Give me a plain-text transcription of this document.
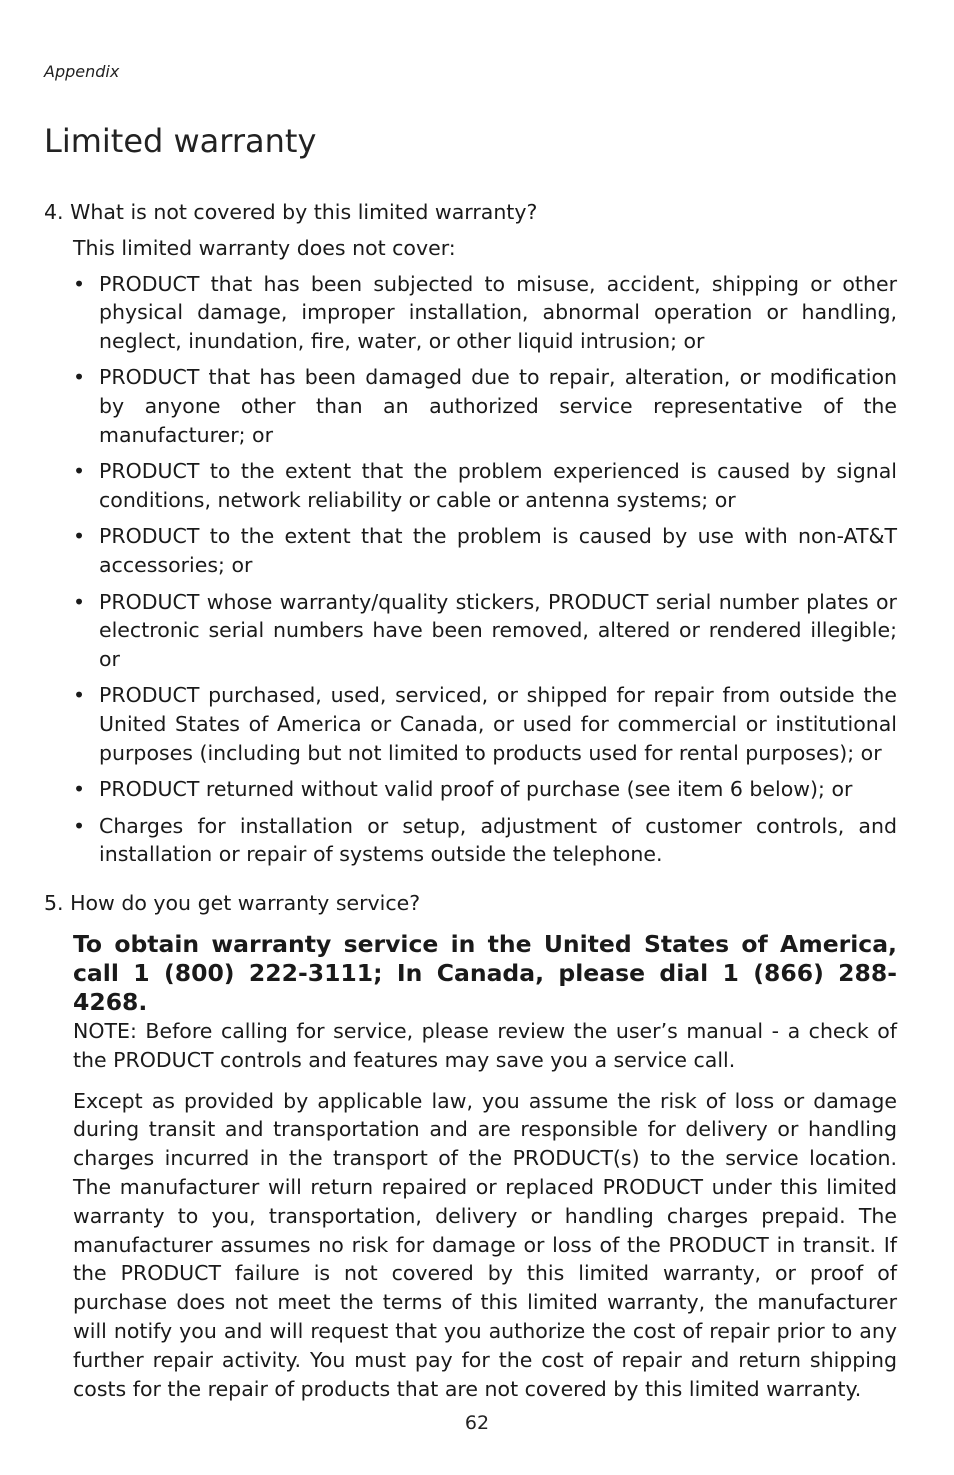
Appendix
Limited warranty

4. What is not covered by this limited warranty?

This limited warranty does not cover:

• PRODUCT that has been subjected to misuse, accident, shipping or other physical damage, improper installation, abnormal operation or handling, neglect, inundation, fire, water, or other liquid intrusion; or
• PRODUCT that has been damaged due to repair, alteration, or modification by anyone other than an authorized service representative of the manufacturer; or
• PRODUCT to the extent that the problem experienced is caused by signal conditions, network reliability or cable or antenna systems; or
• PRODUCT to the extent that the problem is caused by use with non-AT&T accessories; or
• PRODUCT whose warranty/quality stickers, PRODUCT serial number plates or electronic serial numbers have been removed, altered or rendered illegible; or
• PRODUCT purchased, used, serviced, or shipped for repair from outside the United States of America or Canada, or used for commercial or institutional purposes (including but not limited to products used for rental purposes); or
• PRODUCT returned without valid proof of purchase (see item 6 below); or
• Charges for installation or setup, adjustment of customer controls, and installation or repair of systems outside the telephone.

5. How do you get warranty service?

To obtain warranty service in the United States of America, call 1 (800) 222-3111; In Canada, please dial 1 (866) 288-4268.

NOTE: Before calling for service, please review the user’s manual - a check of the PRODUCT controls and features may save you a service call.

Except as provided by applicable law, you assume the risk of loss or damage during transit and transportation and are responsible for delivery or handling charges incurred in the transport of the PRODUCT(s) to the service location. The manufacturer will return repaired or replaced PRODUCT under this limited warranty to you, transportation, delivery or handling charges prepaid. The manufacturer assumes no risk for damage or loss of the PRODUCT in transit. If the PRODUCT failure is not covered by this limited warranty, or proof of purchase does not meet the terms of this limited warranty, the manufacturer will notify you and will request that you authorize the cost of repair prior to any further repair activity. You must pay for the cost of repair and return shipping costs for the repair of products that are not covered by this limited warranty.

62
